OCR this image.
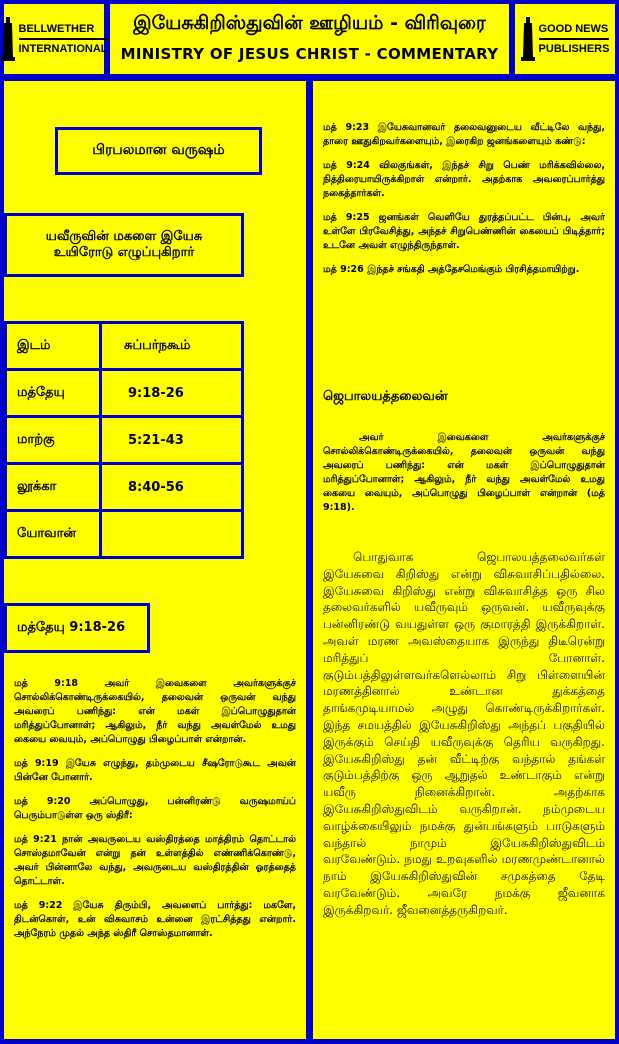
BELLWETHER
INTERNATIONAL
இயேசுகிறிஸ்துவின் ஊழியம் - விரிவுரை
MINISTRY OF JESUS CHRIST - COMMENTARY
GOOD NEWS
PUBLISHERS
பிரபலமான வருஷம்
யவீருவின் மகளை இயேசு உயிரோடு எழுப்புகிறார்
இடம்	சுப்பர்நகூம்
மத்தேயு	9:18-26
மாற்கு	5:21-43
லூக்கா	8:40-56
யோவான்	
மத்தேயு 9:18-26

மத் 9:18 அவர் இவைகளை அவர்களுக்குச் சொல்லிக்கொண்டிருக்கையில், தலைவன் ஒருவன் வந்து அவரைப் பணிந்து: என் மகள் இப்பொழுதுதான் மரித்துப்போனாள்; ஆகிலும், நீர் வந்து அவள்மேல் உமது கையை வையும், அப்பொழுது பிழைப்பாள் என்றான்.

மத் 9:19 இயேசு எழுந்து, தம்முடைய சீஷரோடுகூட அவன் பின்னே போனார்.

மத் 9:20 அப்பொழுது, பன்னிரண்டு வருஷமாய்ப் பெரும்பாடுள்ள ஒரு ஸ்திரீ:

மத் 9:21 நான் அவருடைய வஸ்திரத்தை மாத்திரம் தொட்டால் சொஸ்தமாவேன் என்று தன் உள்ளத்தில் எண்ணிக்கொண்டு, அவர் பின்னாலே வந்து, அவருடைய வஸ்திரத்தின் ஓரத்தைத் தொட்டாள்.

மத் 9:22 இயேசு திரும்பி, அவளைப் பார்த்து: மகளே, திடன்கொள், உன் விசுவாசம் உன்னை இரட்சித்தது என்றார். அந்நேரம் முதல் அந்த ஸ்திரீ சொஸ்தமானாள்.

மத் 9:23 இயேசுவானவர் தலைவனுடைய வீட்டிலே வந்து, தாரை ஊதுகிறவர்களையும், இரைகிற ஜனங்களையும் கண்டு:

மத் 9:24 விலகுங்கள், இந்தச் சிறு பெண் மரிக்கவில்லை, நித்திரையாயிருக்கிறாள் என்றார். அதற்காக அவரைப்பார்த்து நகைத்தார்கள்.

மத் 9:25 ஜனங்கள் வெளியே துரத்தப்பட்ட பின்பு, அவர் உள்ளே பிரவேசித்து, அந்தச் சிறுபெண்ணின் கையைப் பிடித்தார்; உடனே அவள் எழுந்திருந்தாள்.

மத் 9:26 இந்தச் சங்கதி அத்தேசமெங்கும் பிரசித்தமாயிற்று.

ஜெபாலயத்தலைவன்
அவர் இவைகளை அவர்களுக்குச் சொல்லிக்கொண்டிருக்கையில், தலைவன் ஒருவன் வந்து அவரைப் பணிந்து: என் மகள் இப்பொழுதுதான் மரித்துப்போனாள்; ஆகிலும், நீர் வந்து அவள்மேல் உமது கையை வையும், அப்பொழுது பிழைப்பாள் என்றான் (மத் 9:18).

பொதுவாக ஜெபாலயத்தலைவர்கள் இயேசுவை கிறிஸ்து என்று விசுவாசிப்பதில்லை. இயேசுவை கிறிஸ்து என்று விசுவாசித்த ஒரு சில தலைவர்களில் யவீருவும் ஒருவன். யவீருவுக்கு பன்னிரண்டு வயதுள்ள ஒரு குமாரத்தி இருக்கிறாள். அவள் மரண அவஸ்தையாக இருந்து திடீரென்று மரித்துப் போனாள். குடும்பத்திலுள்ளவர்களெல்லாம் சிறு பிள்ளையின் மரணத்தினால் உண்டான துக்கத்தை தாங்கமுடியாமல் அழுது கொண்டிருக்கிறார்கள். இந்த சமயத்தில் இயேசுகிறிஸ்து அந்தப் பகுதியில் இருக்கும் செய்தி யவீருவுக்கு தெரிய வருகிறது. இயேசுகிறிஸ்து தன் வீட்டிற்கு வந்தால் தங்கள் குடும்பத்திற்கு ஒரு ஆறுதல் உண்டாகும் என்று யவீரு நினைக்கிறான். அதற்காக இயேசுகிறிஸ்துவிடம் வருகிறான். நம்முடைய வாழ்க்கையிலும் நமக்கு துன்பங்களும் பாடுகளும் வந்தால் நாமும் இயேசுகிறிஸ்துவிடம் வரவேண்டும். நமது உறவுகளில் மரணமுண்டானால் நாம் இயேசுகிறிஸ்துவின் சமுகத்தை தேடி வரவேண்டும். அவரே நமக்கு ஜீவனாக இருக்கிறவர். ஜீவனைத்தருகிறவர்.
